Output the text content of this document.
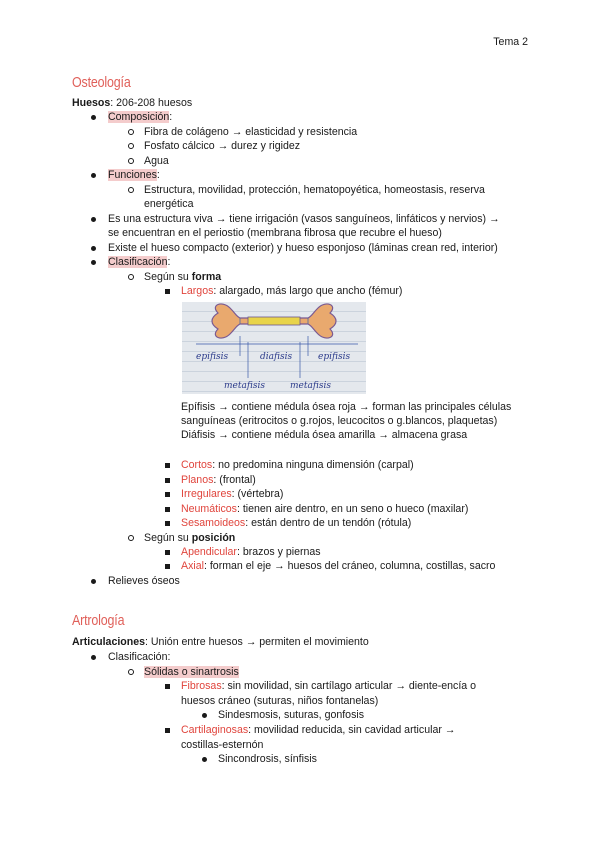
Tema 2
Osteología
Huesos: 206-208 huesos
Composición:
Fibra de colágeno → elasticidad y resistencia
Fosfato cálcico → durez y rigidez
Agua
Funciones:
Estructura, movilidad, protección, hematopoyética, homeostasis, reserva
energética
Es una estructura viva → tiene irrigación (vasos sanguíneos, linfáticos y nervios) →
se encuentran en el periostio (membrana fibrosa que recubre el hueso)
Existe el hueso compacto (exterior) y hueso esponjoso (láminas crean red, interior)
Clasificación:
Según su forma
Largos: alargado, más largo que ancho (fémur)
epifisis	diafisis	epifisis
metafisis	metafisis
Epífisis → contiene médula ósea roja → forman las principales células
sanguíneas (eritrocitos o g.rojos, leucocitos o g.blancos, plaquetas)
Diáfisis → contiene médula ósea amarilla → almacena grasa
Cortos: no predomina ninguna dimensión (carpal)
Planos: (frontal)
Irregulares: (vértebra)
Neumáticos: tienen aire dentro, en un seno o hueco (maxilar)
Sesamoideos: están dentro de un tendón (rótula)
Según su posición
Apendicular: brazos y piernas
Axial: forman el eje → huesos del cráneo, columna, costillas, sacro
Relieves óseos
Artrología
Articulaciones: Unión entre huesos → permiten el movimiento
Clasificación:
Sólidas o sinartrosis
Fibrosas: sin movilidad, sin cartílago articular → diente-encía o
huesos cráneo (suturas, niños fontanelas)
Sindesmosis, suturas, gonfosis
Cartilaginosas: movilidad reducida, sin cavidad articular →
costillas-esternón
Sincondrosis, sínfisis
